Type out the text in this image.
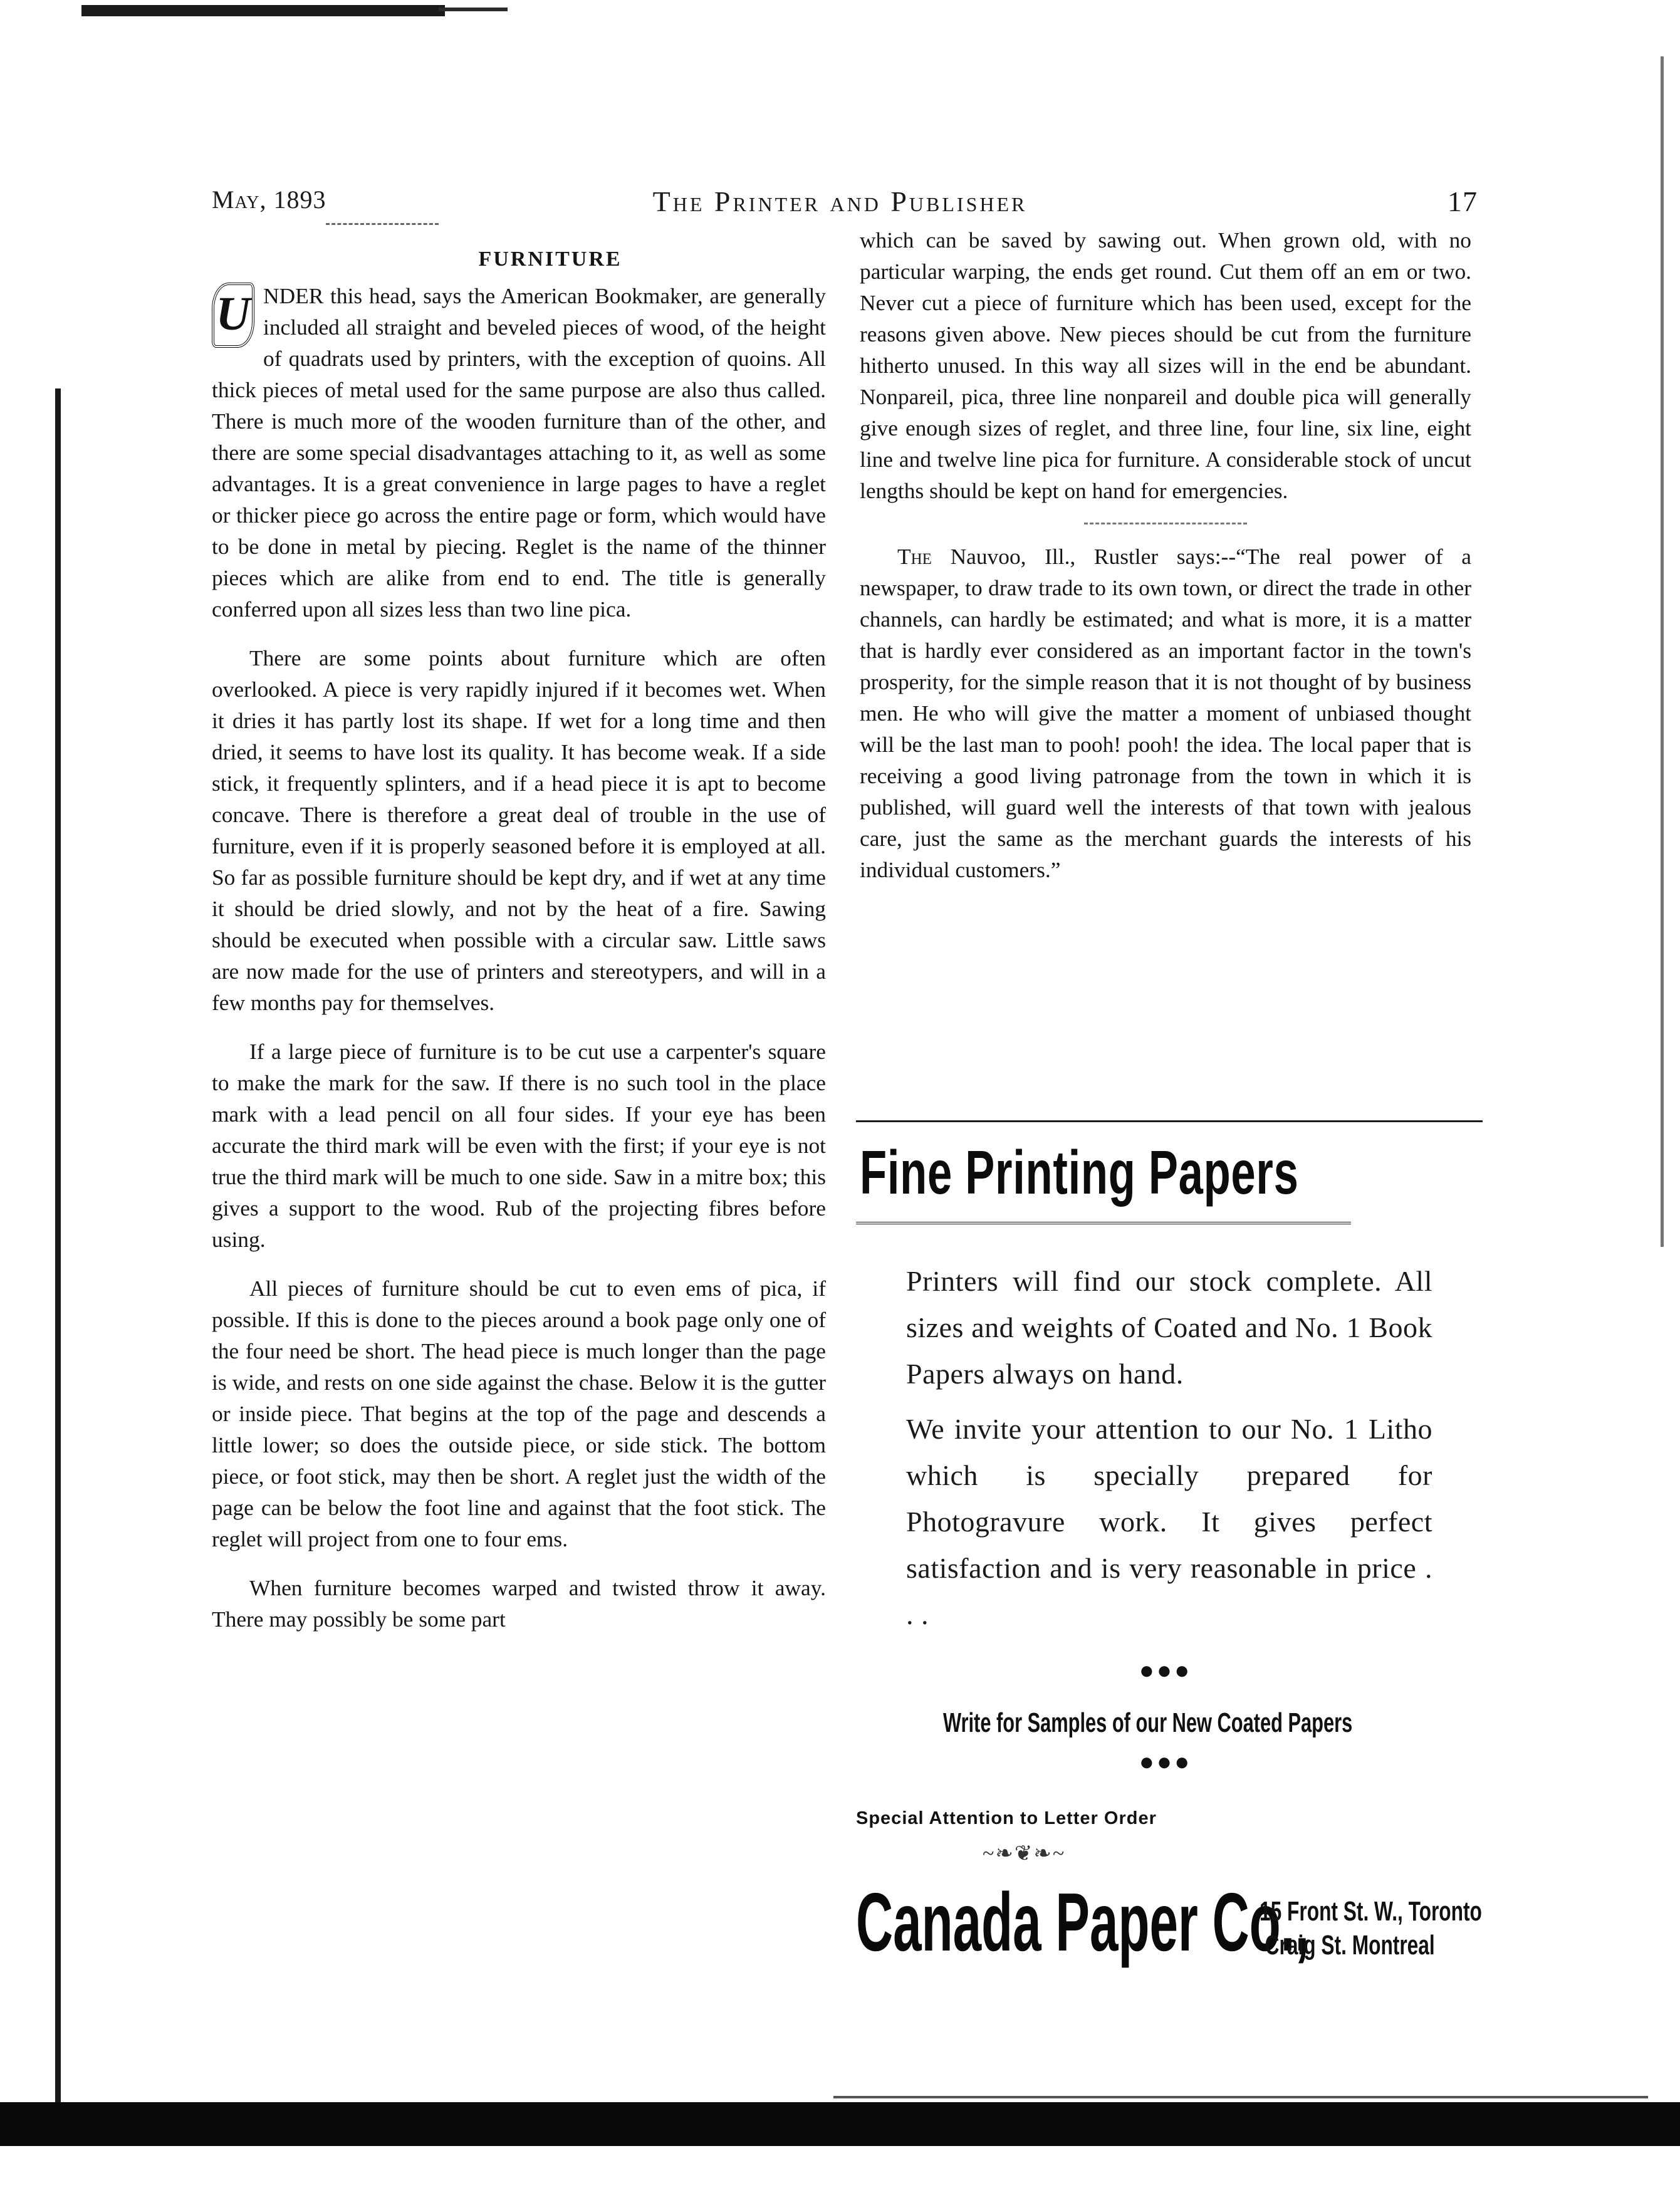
May, 1893	The Printer and Publisher	17
FURNITURE

U NDER this head, says the American Bookmaker, are generally included all straight and beveled pieces of wood, of the height of quadrats used by printers, with the exception of quoins. All thick pieces of metal used for the same purpose are also thus called. There is much more of the wooden furniture than of the other, and there are some special disadvantages attaching to it, as well as some advantages. It is a great convenience in large pages to have a reglet or thicker piece go across the entire page or form, which would have to be done in metal by piecing. Reglet is the name of the thinner pieces which are alike from end to end. The title is generally conferred upon all sizes less than two line pica.

There are some points about furniture which are often overlooked. A piece is very rapidly injured if it becomes wet. When it dries it has partly lost its shape. If wet for a long time and then dried, it seems to have lost its quality. It has become weak. If a side stick, it frequently splinters, and if a head piece it is apt to become concave. There is therefore a great deal of trouble in the use of furniture, even if it is properly seasoned before it is employed at all. So far as possible furniture should be kept dry, and if wet at any time it should be dried slowly, and not by the heat of a fire. Sawing should be executed when possible with a circular saw. Little saws are now made for the use of printers and stereotypers, and will in a few months pay for themselves.

If a large piece of furniture is to be cut use a carpenter's square to make the mark for the saw. If there is no such tool in the place mark with a lead pencil on all four sides. If your eye has been accurate the third mark will be even with the first; if your eye is not true the third mark will be much to one side. Saw in a mitre box; this gives a support to the wood. Rub of the projecting fibres before using.

All pieces of furniture should be cut to even ems of pica, if possible. If this is done to the pieces around a book page only one of the four need be short. The head piece is much longer than the page is wide, and rests on one side against the chase. Below it is the gutter or inside piece. That begins at the top of the page and descends a little lower; so does the outside piece, or side stick. The bottom piece, or foot stick, may then be short. A reglet just the width of the page can be below the foot line and against that the foot stick. The reglet will project from one to four ems.

When furniture becomes warped and twisted throw it away. There may possibly be some part

which can be saved by sawing out. When grown old, with no particular warping, the ends get round. Cut them off an em or two. Never cut a piece of furniture which has been used, except for the reasons given above. New pieces should be cut from the furniture hitherto unused. In this way all sizes will in the end be abundant. Nonpareil, pica, three line nonpareil and double pica will generally give enough sizes of reglet, and three line, four line, six line, eight line and twelve line pica for furniture. A considerable stock of uncut lengths should be kept on hand for emergencies.

The Nauvoo, Ill., Rustler says:--“The real power of a newspaper, to draw trade to its own town, or direct the trade in other channels, can hardly be estimated; and what is more, it is a matter that is hardly ever considered as an important factor in the town's prosperity, for the simple reason that it is not thought of by business men. He who will give the matter a moment of unbiased thought will be the last man to pooh! pooh! the idea. The local paper that is receiving a good living patronage from the town in which it is published, will guard well the interests of that town with jealous care, just the same as the merchant guards the interests of his individual customers.”

Fine Printing Papers

Printers will find our stock complete. All sizes and weights of Coated and No. 1 Book Papers always on hand.

We invite your attention to our No. 1 Litho which is specially prepared for Photogravure work. It gives perfect satisfaction and is very reasonable in price . . .

●●●
Write for Samples of our New Coated Papers
●●●
Special Attention to Letter Order
~❧❦❧~
Canada Paper Co.,
15 Front St. W., Toronto
Craig St. Montreal
